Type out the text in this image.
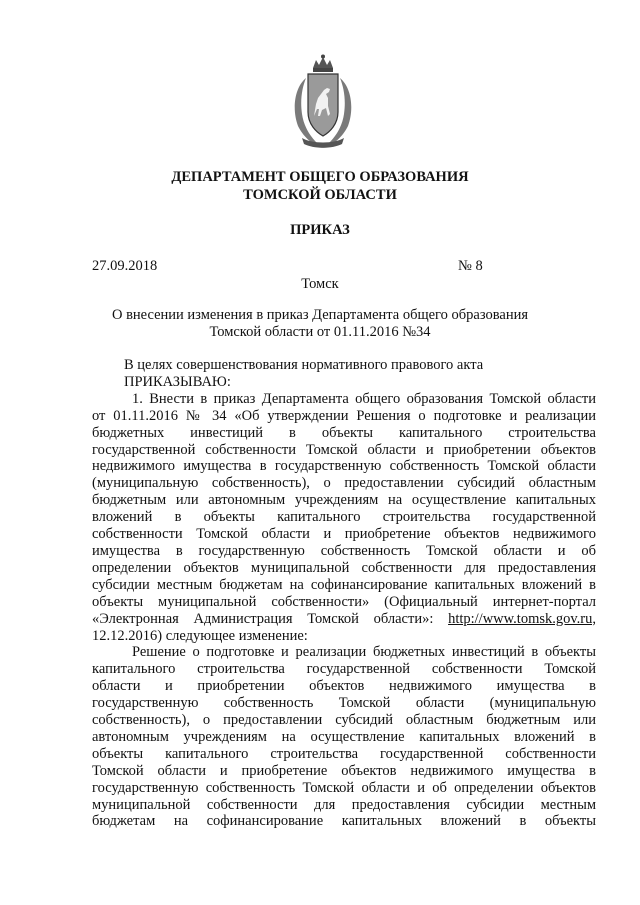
ДЕПАРТАМЕНТ ОБЩЕГО ОБРАЗОВАНИЯ
ТОМСКОЙ ОБЛАСТИ
ПРИКАЗ
27.09.2018	№ 8
Томск
О внесении изменения в приказ Департамента общего образования
Томской области от 01.11.2016 №34

В целях совершенствования нормативного правового акта

ПРИКАЗЫВАЮ:

1. Внести в приказ Департамента общего образования Томской области

от 01.11.2016 № 34 «Об утверждении Решения о подготовке и реализации

бюджетных инвестиций в объекты капитального строительства

государственной собственности Томской области и приобретении объектов

недвижимого имущества в государственную собственность Томской области

(муниципальную собственность), о предоставлении субсидий областным

бюджетным или автономным учреждениям на осуществление капитальных

вложений в объекты капитального строительства государственной

собственности Томской области и приобретение объектов недвижимого

имущества в государственную собственность Томской области и об

определении объектов муниципальной собственности для предоставления

субсидии местным бюджетам на софинансирование капитальных вложений в

объекты муниципальной собственности» (Официальный интернет-портал

«Электронная Администрация Томской области»: http://www.tomsk.gov.ru,

12.12.2016) следующее изменение:

Решение о подготовке и реализации бюджетных инвестиций в объекты

капитального строительства государственной собственности Томской

области и приобретении объектов недвижимого имущества в

государственную собственность Томской области (муниципальную

собственность), о предоставлении субсидий областным бюджетным или

автономным учреждениям на осуществление капитальных вложений в

объекты капитального строительства государственной собственности

Томской области и приобретение объектов недвижимого имущества в

государственную собственность Томской области и об определении объектов

муниципальной собственности для предоставления субсидии местным

бюджетам на софинансирование капитальных вложений в объекты
